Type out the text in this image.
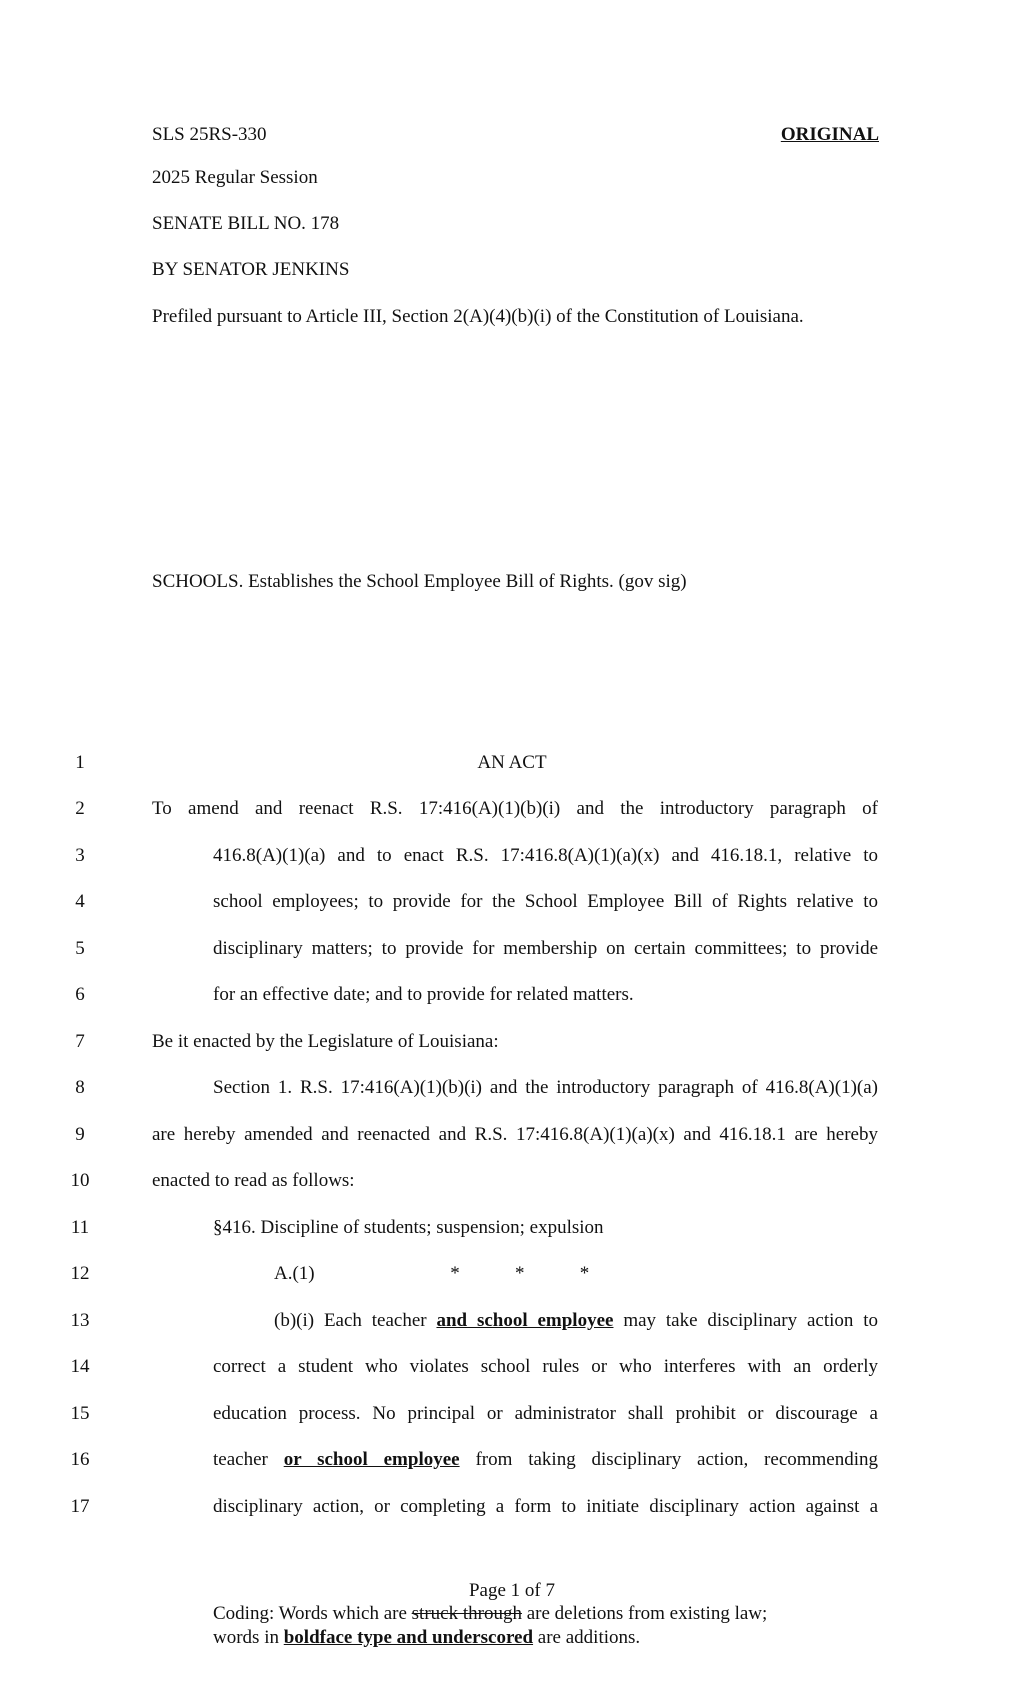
SLS 25RS-330	ORIGINAL
2025 Regular Session
SENATE BILL NO. 178
BY SENATOR JENKINS
Prefiled pursuant to Article III, Section 2(A)(4)(b)(i) of the Constitution of Louisiana.
SCHOOLS. Establishes the School Employee Bill of Rights. (gov sig)
1
2
3
4
5
6
7
8
9
10
11
12
13
14
15
16
17
AN ACT
To amend and reenact R.S. 17:416(A)(1)(b)(i) and the introductory paragraph of
416.8(A)(1)(a) and to enact R.S. 17:416.8(A)(1)(a)(x) and 416.18.1, relative to
school employees; to provide for the School Employee Bill of Rights relative to
disciplinary matters; to provide for membership on certain committees; to provide
for an effective date; and to provide for related matters.
Be it enacted by the Legislature of Louisiana:
Section 1. R.S. 17:416(A)(1)(b)(i) and the introductory paragraph of 416.8(A)(1)(a)
are hereby amended and reenacted and R.S. 17:416.8(A)(1)(a)(x) and 416.18.1 are hereby
enacted to read as follows:
§416. Discipline of students; suspension; expulsion
A.(1)	*	*	*
(b)(i) Each teacher and school employee may take disciplinary action to
correct a student who violates school rules or who interferes with an orderly
education process. No principal or administrator shall prohibit or discourage a
teacher or school employee from taking disciplinary action, recommending
disciplinary action, or completing a form to initiate disciplinary action against a
Page 1 of 7
Coding: Words which are struck through are deletions from existing law;
words in boldface type and underscored are additions.
